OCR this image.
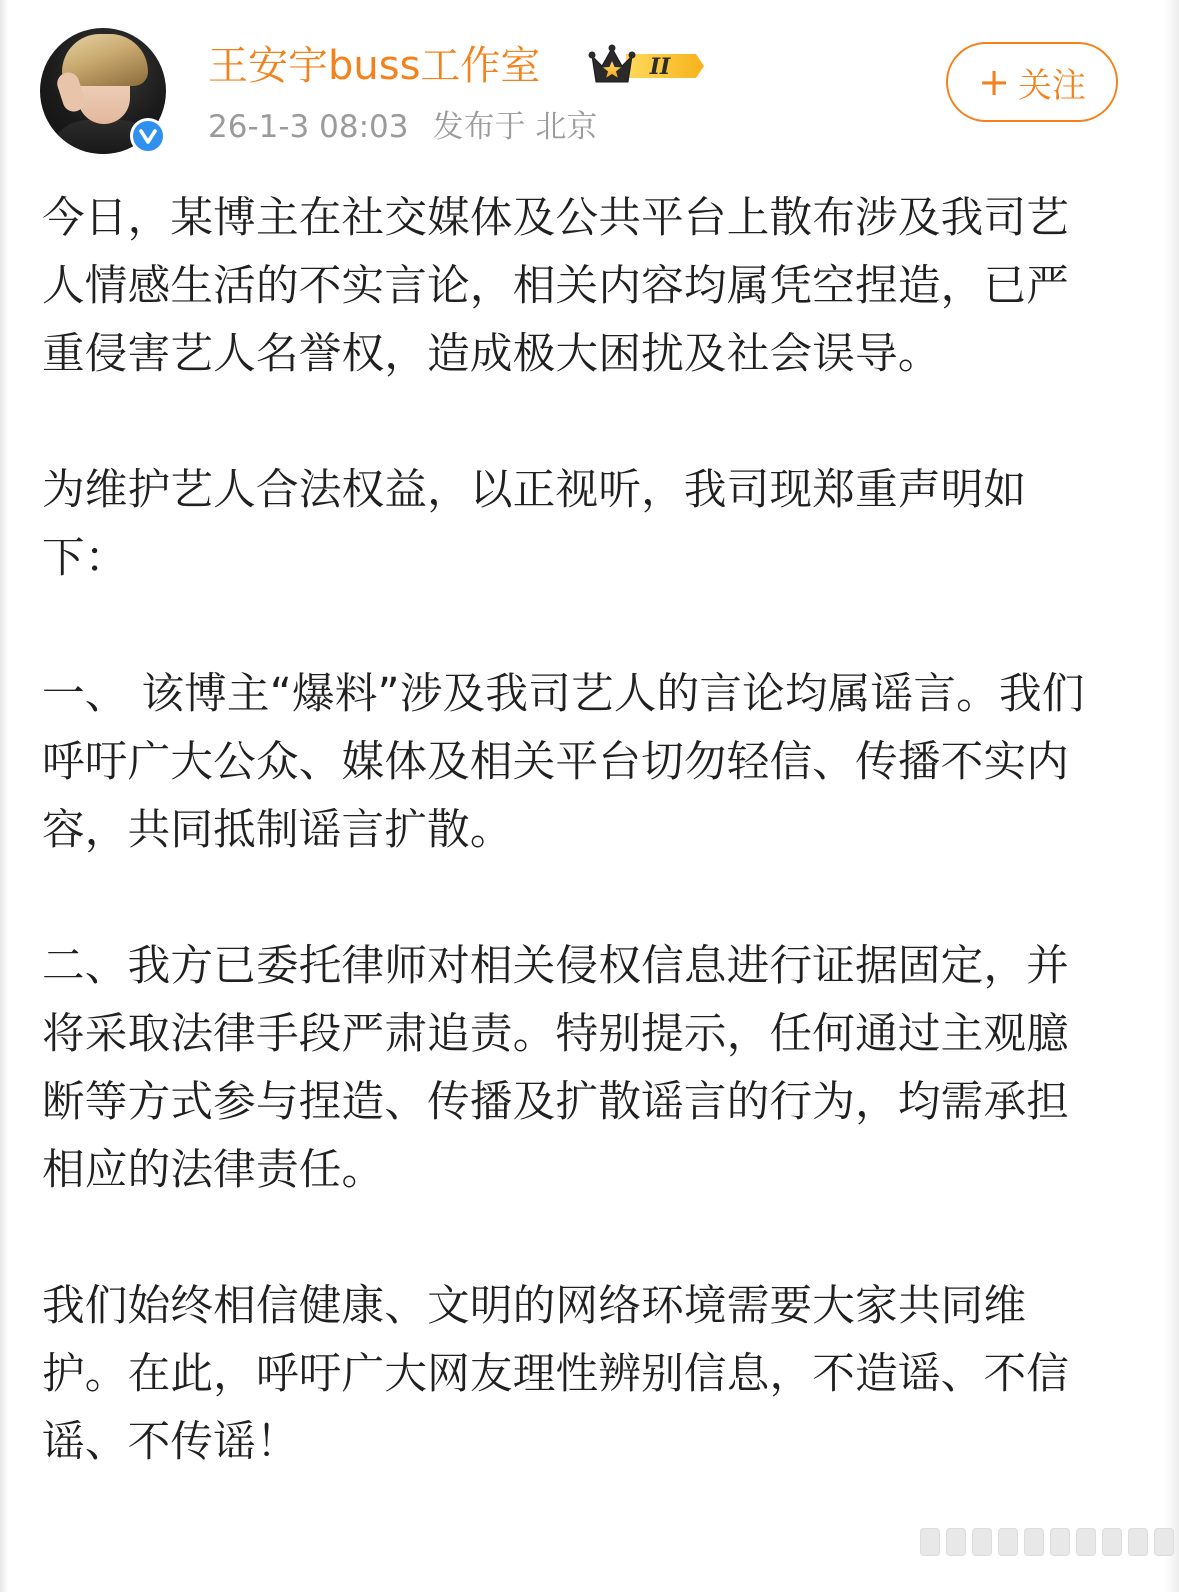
王安宇buss工作室	II
26-1-3 08:03 发布于 北京
+ 关注

今日，某博主在社交媒体及公共平台上散布涉及我司艺人情感生活的不实言论，相关内容均属凭空捏造，已严重侵害艺人名誉权，造成极大困扰及社会误导。

为维护艺人合法权益，以正视听，我司现郑重声明如下：

一、 该博主“爆料”涉及我司艺人的言论均属谣言。我们呼吁广大公众、媒体及相关平台切勿轻信、传播不实内容，共同抵制谣言扩散。

二、我方已委托律师对相关侵权信息进行证据固定，并将采取法律手段严肃追责。特别提示，任何通过主观臆断等方式参与捏造、传播及扩散谣言的行为，均需承担相应的法律责任。

我们始终相信健康、文明的网络环境需要大家共同维护。在此，呼吁广大网友理性辨别信息，不造谣、不信谣、不传谣！
